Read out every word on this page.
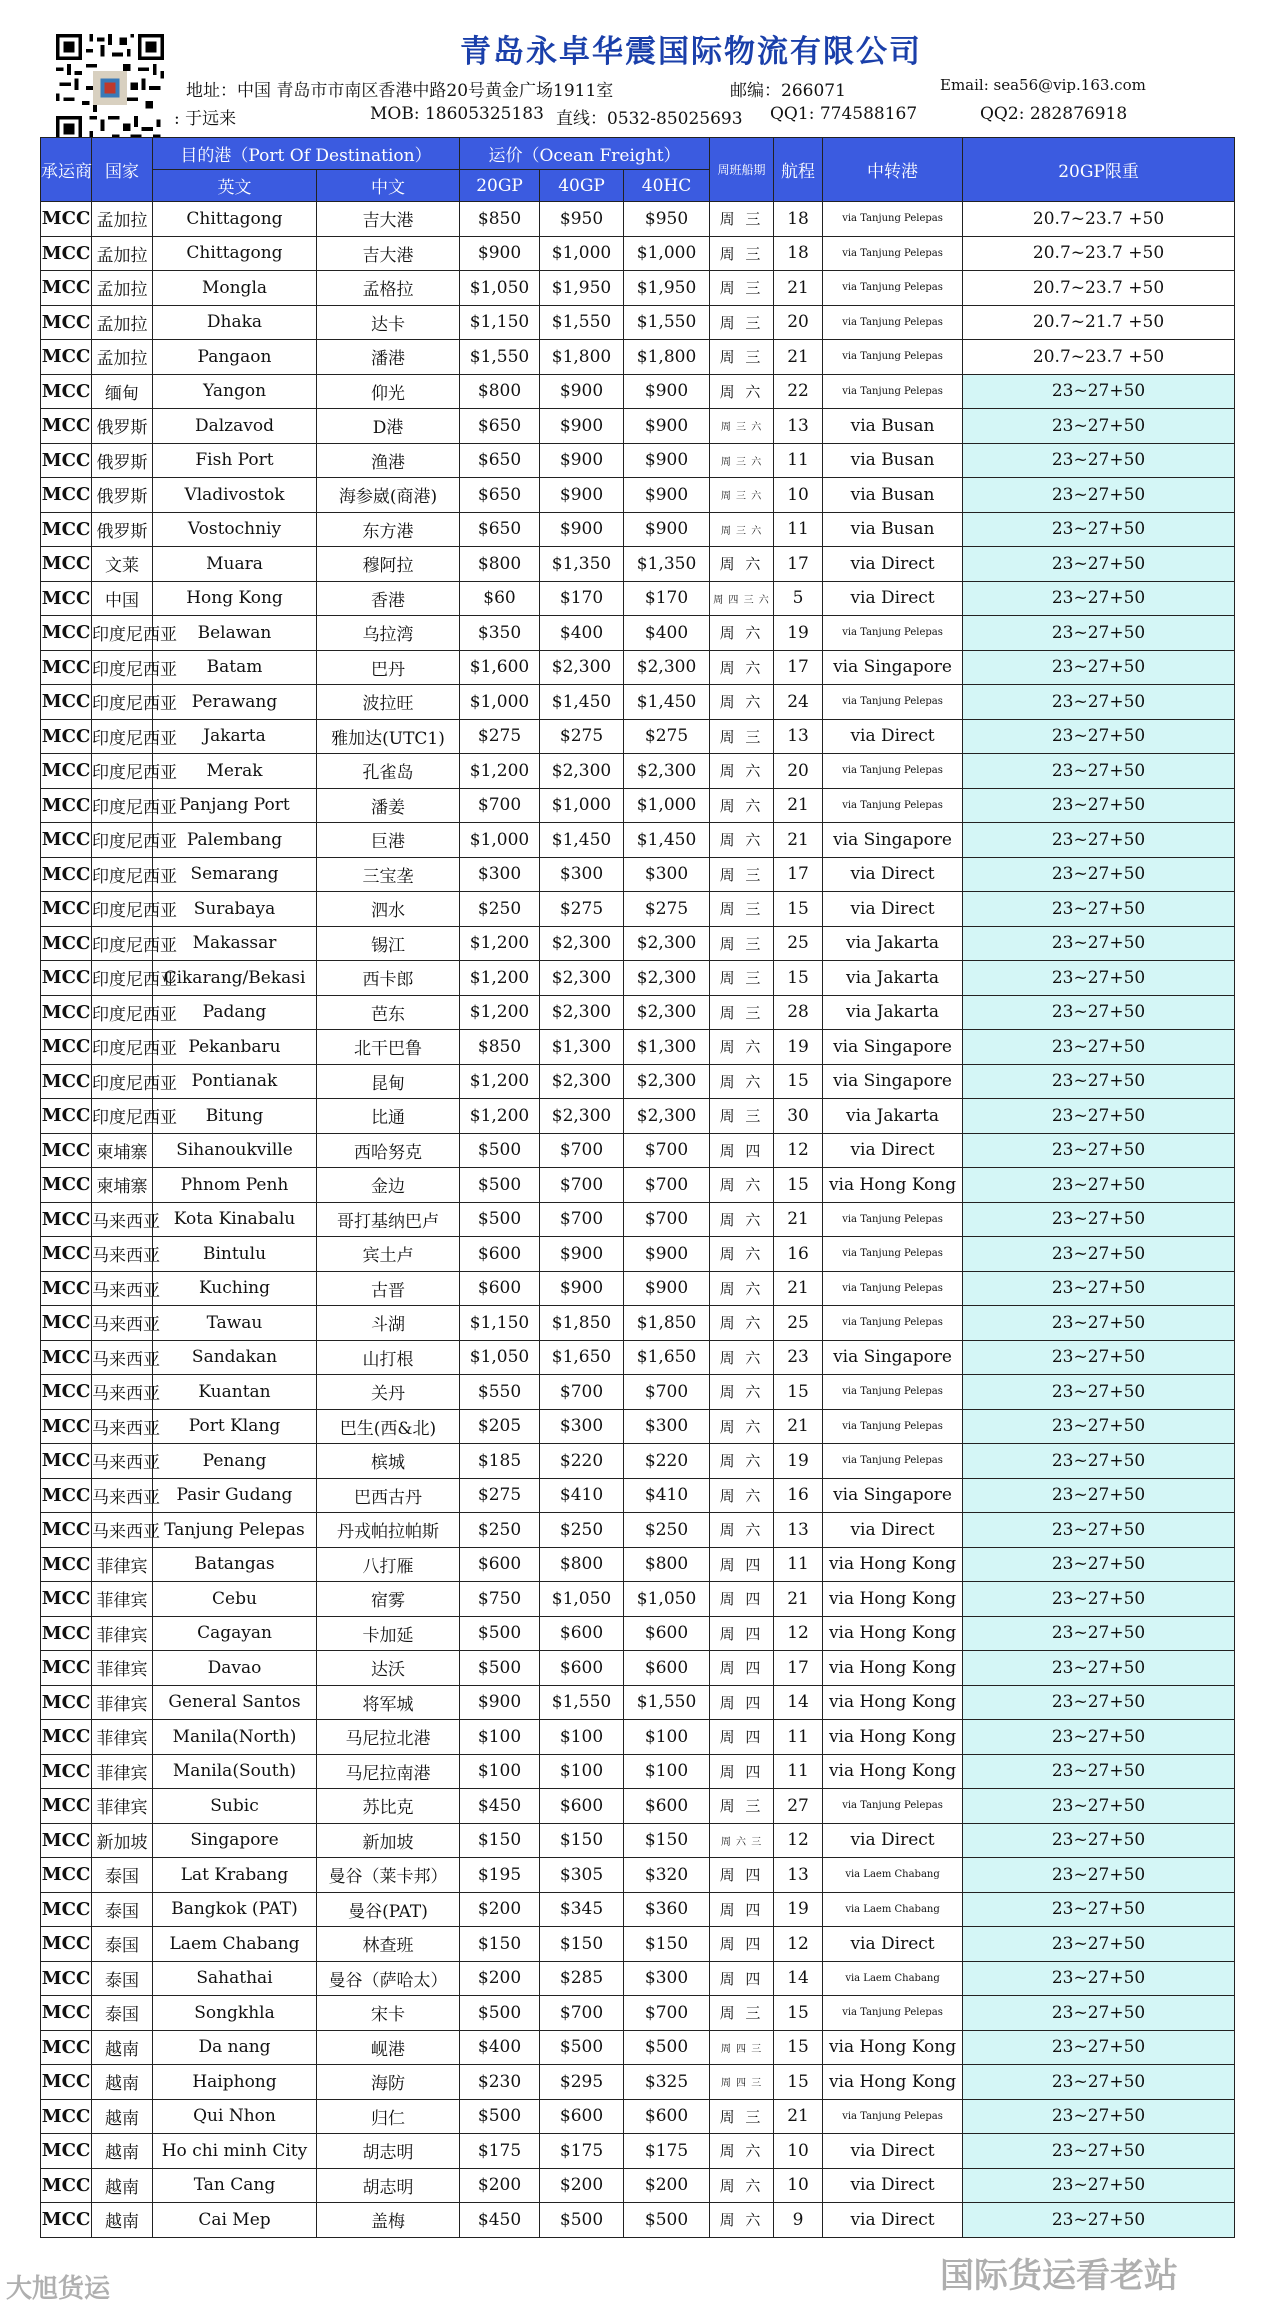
青岛永卓华震国际物流有限公司
地址：中国 青岛市市南区香港中路20号黄金广场1911室	邮编：266071	Email: sea56@vip.163.com
: 于远来	MOB: 18605325183 直线：0532-85025693 QQ1: 774588167	QQ2: 282876918
承运商	国家	目的港（Port Of Destination）		运价（Ocean Freight）			周班船期	航程	中转港	20GP限重
		英文	中文	20GP	40GP	40HC				
MCC	孟加拉	Chittagong	吉大港	$850	$950	$950	周 三	18	via Tanjung Pelepas	20.7~23.7 +50
MCC	孟加拉	Chittagong	吉大港	$900	$1,000	$1,000	周 三	18	via Tanjung Pelepas	20.7~23.7 +50
MCC	孟加拉	Mongla	孟格拉	$1,050	$1,950	$1,950	周 三	21	via Tanjung Pelepas	20.7~23.7 +50
MCC	孟加拉	Dhaka	达卡	$1,150	$1,550	$1,550	周 三	20	via Tanjung Pelepas	20.7~21.7 +50
MCC	孟加拉	Pangaon	潘港	$1,550	$1,800	$1,800	周 三	21	via Tanjung Pelepas	20.7~23.7 +50
MCC	缅甸	Yangon	仰光	$800	$900	$900	周 六	22	via Tanjung Pelepas	23~27+50
MCC	俄罗斯	Dalzavod	D港	$650	$900	$900	周 三 六	13	via Busan	23~27+50
MCC	俄罗斯	Fish Port	渔港	$650	$900	$900	周 三 六	11	via Busan	23~27+50
MCC	俄罗斯	Vladivostok	海参崴(商港)	$650	$900	$900	周 三 六	10	via Busan	23~27+50
MCC	俄罗斯	Vostochniy	东方港	$650	$900	$900	周 三 六	11	via Busan	23~27+50
MCC	文莱	Muara	穆阿拉	$800	$1,350	$1,350	周 六	17	via Direct	23~27+50
MCC	中国	Hong Kong	香港	$60	$170	$170	周 四 三 六	5	via Direct	23~27+50
MCC	印度尼西亚	Belawan	乌拉湾	$350	$400	$400	周 六	19	via Tanjung Pelepas	23~27+50
MCC	印度尼西亚	Batam	巴丹	$1,600	$2,300	$2,300	周 六	17	via Singapore	23~27+50
MCC	印度尼西亚	Perawang	波拉旺	$1,000	$1,450	$1,450	周 六	24	via Tanjung Pelepas	23~27+50
MCC	印度尼西亚	Jakarta	雅加达(UTC1)	$275	$275	$275	周 三	13	via Direct	23~27+50
MCC	印度尼西亚	Merak	孔雀岛	$1,200	$2,300	$2,300	周 六	20	via Tanjung Pelepas	23~27+50
MCC	印度尼西亚	Panjang Port	潘姜	$700	$1,000	$1,000	周 六	21	via Tanjung Pelepas	23~27+50
MCC	印度尼西亚	Palembang	巨港	$1,000	$1,450	$1,450	周 六	21	via Singapore	23~27+50
MCC	印度尼西亚	Semarang	三宝垄	$300	$300	$300	周 三	17	via Direct	23~27+50
MCC	印度尼西亚	Surabaya	泗水	$250	$275	$275	周 三	15	via Direct	23~27+50
MCC	印度尼西亚	Makassar	锡江	$1,200	$2,300	$2,300	周 三	25	via Jakarta	23~27+50
MCC	印度尼西亚	Cikarang/Bekasi	西卡郎	$1,200	$2,300	$2,300	周 三	15	via Jakarta	23~27+50
MCC	印度尼西亚	Padang	芭东	$1,200	$2,300	$2,300	周 三	28	via Jakarta	23~27+50
MCC	印度尼西亚	Pekanbaru	北干巴鲁	$850	$1,300	$1,300	周 六	19	via Singapore	23~27+50
MCC	印度尼西亚	Pontianak	昆甸	$1,200	$2,300	$2,300	周 六	15	via Singapore	23~27+50
MCC	印度尼西亚	Bitung	比通	$1,200	$2,300	$2,300	周 三	30	via Jakarta	23~27+50
MCC	柬埔寨	Sihanoukville	西哈努克	$500	$700	$700	周 四	12	via Direct	23~27+50
MCC	柬埔寨	Phnom Penh	金边	$500	$700	$700	周 六	15	via Hong Kong	23~27+50
MCC	马来西亚	Kota Kinabalu	哥打基纳巴卢	$500	$700	$700	周 六	21	via Tanjung Pelepas	23~27+50
MCC	马来西亚	Bintulu	宾土卢	$600	$900	$900	周 六	16	via Tanjung Pelepas	23~27+50
MCC	马来西亚	Kuching	古晋	$600	$900	$900	周 六	21	via Tanjung Pelepas	23~27+50
MCC	马来西亚	Tawau	斗湖	$1,150	$1,850	$1,850	周 六	25	via Tanjung Pelepas	23~27+50
MCC	马来西亚	Sandakan	山打根	$1,050	$1,650	$1,650	周 六	23	via Singapore	23~27+50
MCC	马来西亚	Kuantan	关丹	$550	$700	$700	周 六	15	via Tanjung Pelepas	23~27+50
MCC	马来西亚	Port Klang	巴生(西&北)	$205	$300	$300	周 六	21	via Tanjung Pelepas	23~27+50
MCC	马来西亚	Penang	槟城	$185	$220	$220	周 六	19	via Tanjung Pelepas	23~27+50
MCC	马来西亚	Pasir Gudang	巴西古丹	$275	$410	$410	周 六	16	via Singapore	23~27+50
MCC	马来西亚	Tanjung Pelepas	丹戎帕拉帕斯	$250	$250	$250	周 六	13	via Direct	23~27+50
MCC	菲律宾	Batangas	八打雁	$600	$800	$800	周 四	11	via Hong Kong	23~27+50
MCC	菲律宾	Cebu	宿雾	$750	$1,050	$1,050	周 四	21	via Hong Kong	23~27+50
MCC	菲律宾	Cagayan	卡加延	$500	$600	$600	周 四	12	via Hong Kong	23~27+50
MCC	菲律宾	Davao	达沃	$500	$600	$600	周 四	17	via Hong Kong	23~27+50
MCC	菲律宾	General Santos	将军城	$900	$1,550	$1,550	周 四	14	via Hong Kong	23~27+50
MCC	菲律宾	Manila(North)	马尼拉北港	$100	$100	$100	周 四	11	via Hong Kong	23~27+50
MCC	菲律宾	Manila(South)	马尼拉南港	$100	$100	$100	周 四	11	via Hong Kong	23~27+50
MCC	菲律宾	Subic	苏比克	$450	$600	$600	周 三	27	via Tanjung Pelepas	23~27+50
MCC	新加坡	Singapore	新加坡	$150	$150	$150	周 六 三	12	via Direct	23~27+50
MCC	泰国	Lat Krabang	曼谷（莱卡邦）	$195	$305	$320	周 四	13	via Laem Chabang	23~27+50
MCC	泰国	Bangkok (PAT)	曼谷(PAT)	$200	$345	$360	周 四	19	via Laem Chabang	23~27+50
MCC	泰国	Laem Chabang	林查班	$150	$150	$150	周 四	12	via Direct	23~27+50
MCC	泰国	Sahathai	曼谷（萨哈太）	$200	$285	$300	周 四	14	via Laem Chabang	23~27+50
MCC	泰国	Songkhla	宋卡	$500	$700	$700	周 三	15	via Tanjung Pelepas	23~27+50
MCC	越南	Da nang	岘港	$400	$500	$500	周 四 三	15	via Hong Kong	23~27+50
MCC	越南	Haiphong	海防	$230	$295	$325	周 四 三	15	via Hong Kong	23~27+50
MCC	越南	Qui Nhon	归仁	$500	$600	$600	周 三	21	via Tanjung Pelepas	23~27+50
MCC	越南	Ho chi minh City	胡志明	$175	$175	$175	周 六	10	via Direct	23~27+50
MCC	越南	Tan Cang	胡志明	$200	$200	$200	周 六	10	via Direct	23~27+50
MCC	越南	Cai Mep	盖梅	$450	$500	$500	周 六	9	via Direct	23~27+50
国际货运看老站
大旭货运
